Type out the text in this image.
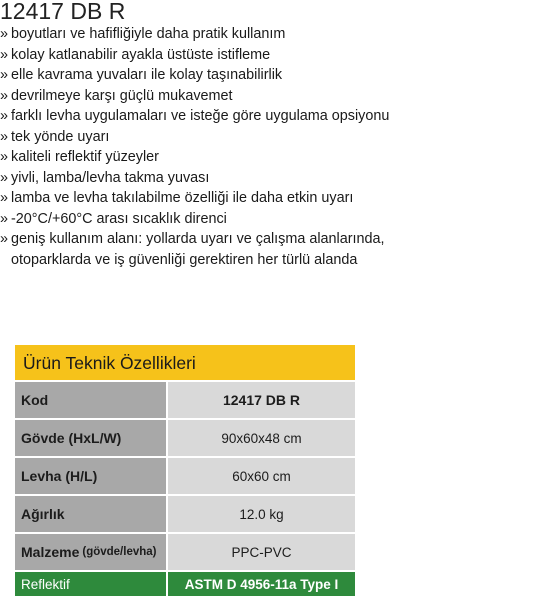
12417 DB R
» boyutları ve hafifliğiyle daha pratik kullanım
» kolay katlanabilir ayakla üstüste istifleme
» elle kavrama yuvaları ile kolay taşınabilirlik
» devrilmeye karşı güçlü mukavemet
» farklı levha uygulamaları ve isteğe göre uygulama opsiyonu
» tek yönde uyarı
» kaliteli reflektif yüzeyler
» yivli, lamba/levha takma yuvası
» lamba ve levha takılabilme özelliği ile daha etkin uyarı
» -20°C/+60°C arası sıcaklık direnci
» geniş kullanım alanı: yollarda uyarı ve çalışma alanlarında,
otoparklarda ve iş güvenliği gerektiren her türlü alanda
Ürün Teknik Özellikleri
Kod	12417 DB R
Gövde (HxL/W)	90x60x48 cm
Levha (H/L)	60x60 cm
Ağırlık	12.0 kg
Malzeme (gövde/levha)	PPC-PVC
Reflektif	ASTM D 4956-11a Type I
